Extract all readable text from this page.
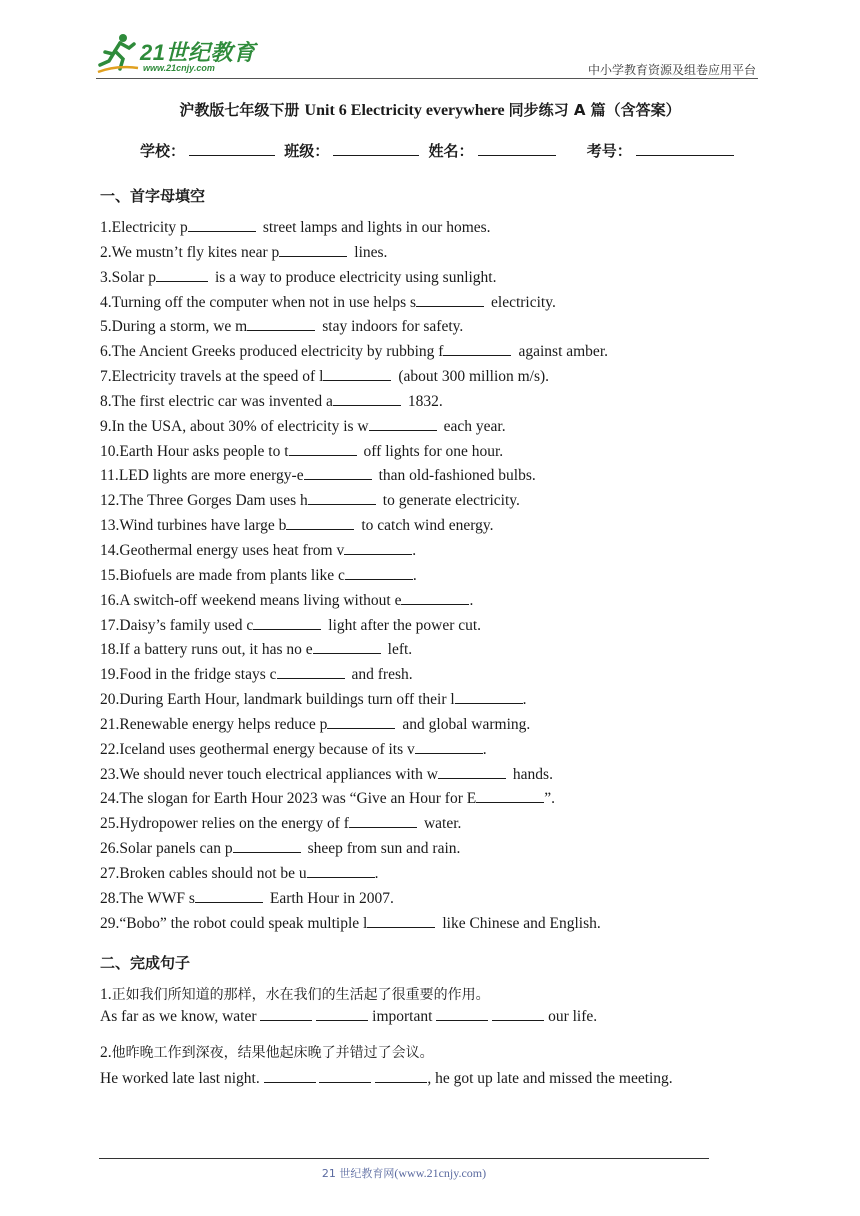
21世纪教育
www.21cnjy.com	中小学教育资源及组卷应用平台
沪教版七年级下册 Unit 6 Electricity everywhere 同步练习 A 篇（含答案）
学校：	班级：	姓名：	考号：
一、首字母填空
1.Electricity p	street lamps and lights in our homes.
2.We mustn’t fly kites near p	lines.
3.Solar p	is a way to produce electricity using sunlight.
4.Turning off the computer when not in use helps s	electricity.
5.During a storm, we m	stay indoors for safety.
6.The Ancient Greeks produced electricity by rubbing f	against amber.
7.Electricity travels at the speed of l	(about 300 million m/s).
8.The first electric car was invented a	1832.
9.In the USA, about 30% of electricity is w	each year.
10.Earth Hour asks people to t	off lights for one hour.
11.LED lights are more energy-e	than old-fashioned bulbs.
12.The Three Gorges Dam uses h	to generate electricity.
13.Wind turbines have large b	to catch wind energy.
14.Geothermal energy uses heat from v	.
15.Biofuels are made from plants like c	.
16.A switch-off weekend means living without e	.
17.Daisy’s family used c	light after the power cut.
18.If a battery runs out, it has no e	left.
19.Food in the fridge stays c	and fresh.
20.During Earth Hour, landmark buildings turn off their l	.
21.Renewable energy helps reduce p	and global warming.
22.Iceland uses geothermal energy because of its v	.
23.We should never touch electrical appliances with w	hands.
24.The slogan for Earth Hour 2023 was “Give an Hour for E	”.
25.Hydropower relies on the energy of f	water.
26.Solar panels can p	sheep from sun and rain.
27.Broken cables should not be u	.
28.The WWF s	Earth Hour in 2007.
29.“Bobo” the robot could speak multiple l	like Chinese and English.
二、完成句子
1.正如我们所知道的那样，水在我们的生活起了很重要的作用。
As far as we know, water	important	our life.
2.他昨晚工作到深夜，结果他起床晚了并错过了会议。
He worked late last night.	, he got up late and missed the meeting.
21 世纪教育网(www.21cnjy.com)
